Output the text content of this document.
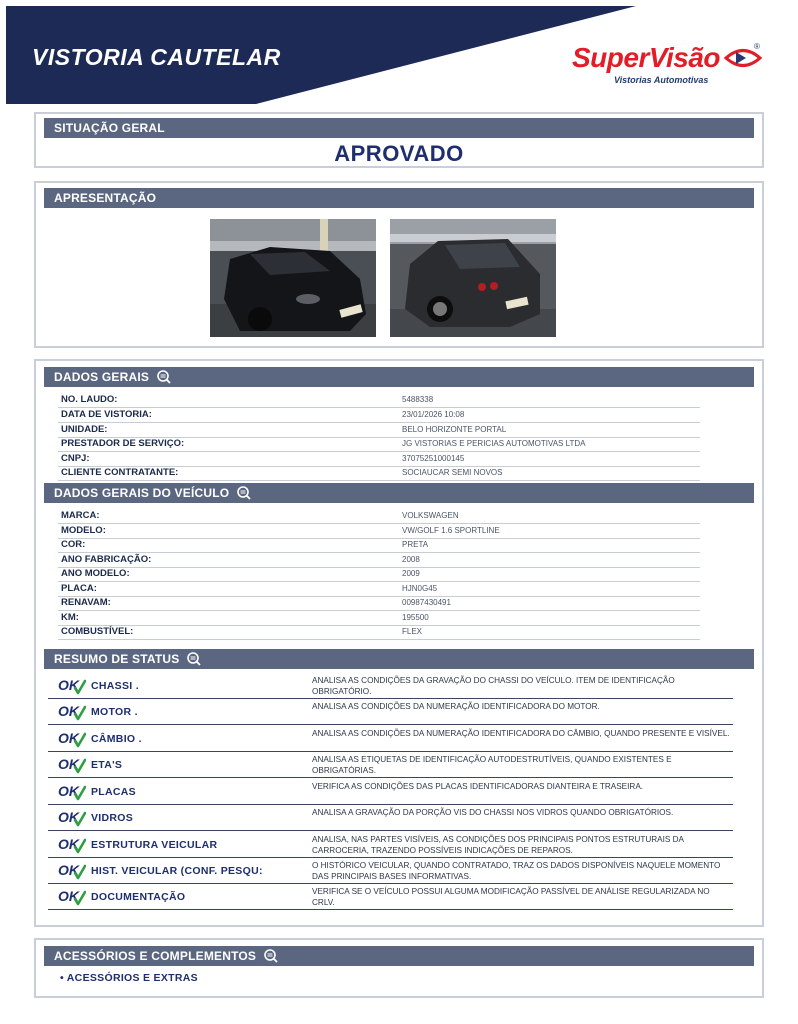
VISTORIA CAUTELAR	SuperVisão	®
Vistorias Automotivas
SITUAÇÃO GERAL
APROVADO
APRESENTAÇÃO
DADOS GERAIS
DADOS GERAIS DO VEÍCULO
RESUMO DE STATUS
NO. LAUDO:	5488338
DATA DE VISTORIA:	23/01/2026 10:08
UNIDADE:	BELO HORIZONTE PORTAL
PRESTADOR DE SERVIÇO:	JG VISTORIAS E PERICIAS AUTOMOTIVAS LTDA
CNPJ:	37075251000145
CLIENTE CONTRATANTE:	SOCIAUCAR SEMI NOVOS
MARCA:	VOLKSWAGEN
MODELO:	VW/GOLF 1.6 SPORTLINE
COR:	PRETA
ANO FABRICAÇÃO:	2008
ANO MODELO:	2009
PLACA:	HJN0G45
RENAVAM:	00987430491
KM:	195500
COMBUSTÍVEL:	FLEX
OK CHASSI .	ANALISA AS CONDIÇÕES DA GRAVAÇÃO DO CHASSI DO VEÍCULO. ITEM DE IDENTIFICAÇÃO OBRIGATÓRIO.
OK MOTOR .	ANALISA AS CONDIÇÕES DA NUMERAÇÃO IDENTIFICADORA DO MOTOR.
OK CÂMBIO .	ANALISA AS CONDIÇÕES DA NUMERAÇÃO IDENTIFICADORA DO CÂMBIO, QUANDO PRESENTE E VISÍVEL.
OK ETA'S	ANALISA AS ETIQUETAS DE IDENTIFICAÇÃO AUTODESTRUTÍVEIS, QUANDO EXISTENTES E OBRIGATÓRIAS.
OK PLACAS	VERIFICA AS CONDIÇÕES DAS PLACAS IDENTIFICADORAS DIANTEIRA E TRASEIRA.
OK VIDROS	ANALISA A GRAVAÇÃO DA PORÇÃO VIS DO CHASSI NOS VIDROS QUANDO OBRIGATÓRIOS.
OK ESTRUTURA VEICULAR	ANALISA, NAS PARTES VISÍVEIS, AS CONDIÇÕES DOS PRINCIPAIS PONTOS ESTRUTURAIS DA CARROCERIA, TRAZENDO POSSÍVEIS INDICAÇÕES DE REPAROS.
OK HIST. VEICULAR (CONF. PESQU:	O HISTÓRICO VEICULAR, QUANDO CONTRATADO, TRAZ OS DADOS DISPONÍVEIS NAQUELE MOMENTO DAS PRINCIPAIS BASES INFORMATIVAS.
OK DOCUMENTAÇÃO	VERIFICA SE O VEÍCULO POSSUI ALGUMA MODIFICAÇÃO PASSÍVEL DE ANÁLISE REGULARIZADA NO CRLV.
ACESSÓRIOS E COMPLEMENTOS
• ACESSÓRIOS E EXTRAS
